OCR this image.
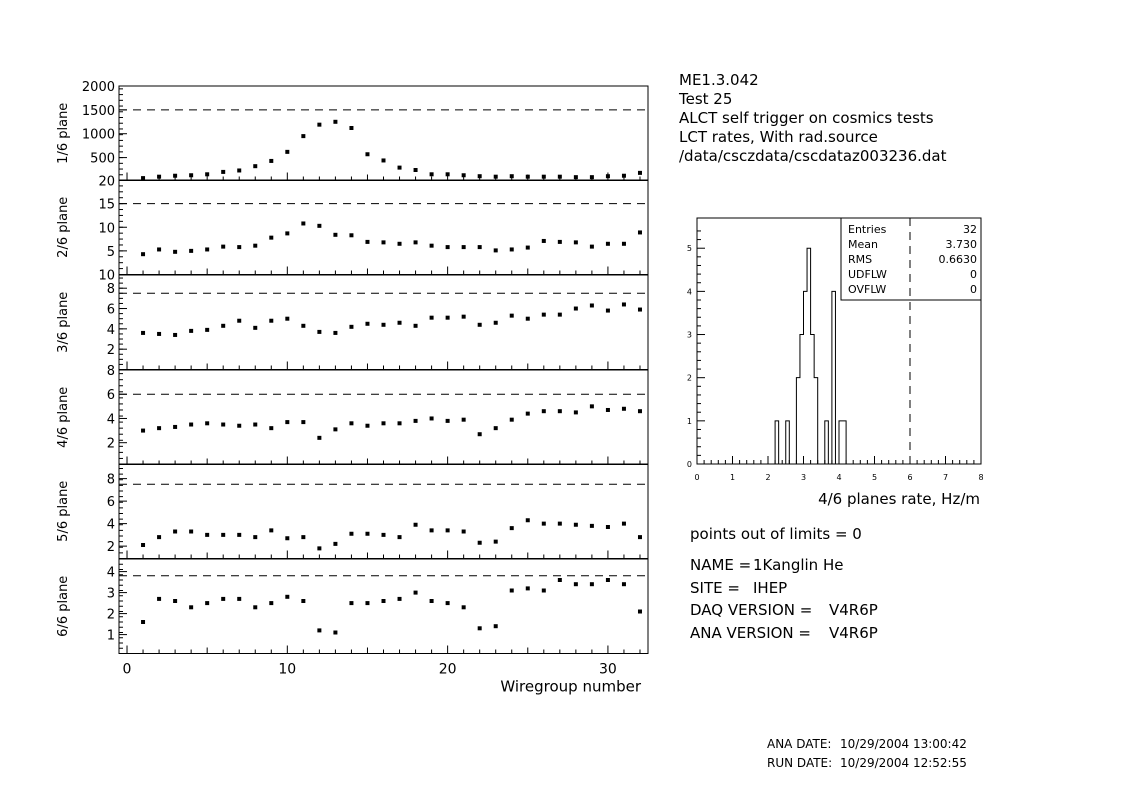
20
500
1000
1500
2000
1/6 plane
10
5
10
15
2/6 plane
2
4
6
8
3/6 plane
2
4
6
8
4/6 plane
2
4
6
8
5/6 plane
1
2
3
4
6/6 plane
0	10	20	30
Wiregroup number
0	1	2	3	4	5	6	7	8
0
1
2
3
4
5
4/6 planes rate, Hz/m
Entries	32
Mean	3.730
RMS	0.6630
UDFLW	0
OVFLW	0
ME1.3.042
Test 25
ALCT self trigger on cosmics tests
LCT rates, With rad.source
/data/csczdata/cscdataz003236.dat
points out of limits = 0
NAME = 1Kanglin He
SITE = IHEP
DAQ VERSION = V4R6P
ANA VERSION = V4R6P
ANA DATE: 10/29/2004 13:00:42
RUN DATE: 10/29/2004 12:52:55
